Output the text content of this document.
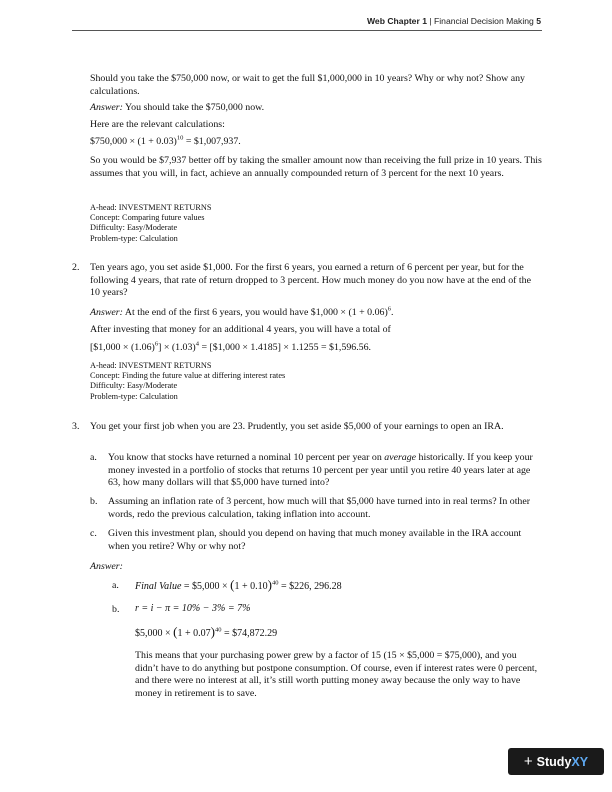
Web Chapter 1 | Financial Decision Making 5

Should you take the $750,000 now, or wait to get the full $1,000,000 in 10 years? Why or why not? Show any calculations.

Answer: You should take the $750,000 now.

Here are the relevant calculations:

$750,000 × $(1 + 0.03)^{10}$ = $1,007,937.

So you would be $7,937 better off by taking the smaller amount now than receiving the full prize in 10 years. This assumes that you will, in fact, achieve an annually compounded return of 3 percent for the next 10 years.

A-head: INVESTMENT RETURNS
Concept: Comparing future values
Difficulty: Easy/Moderate
Problem-type: Calculation
2. Ten years ago, you set aside $1,000. For the first 6 years, you earned a return of 6 percent per year, but for the following 4 years, that rate of return dropped to 3 percent. How much money do you now have at the end of the 10 years?

Answer: At the end of the first 6 years, you would have $1,000 × $(1 + 0.06)^6$.

After investing that money for an additional 4 years, you will have a total of

[$1,000 × $(1.06)^6] \times (1.03)^4$ = [$1,000 × 1.4185] × 1.1255 = $1,596.56.

A-head: INVESTMENT RETURNS
Concept: Finding the future value at differing interest rates
Difficulty: Easy/Moderate
Problem-type: Calculation
3. You get your first job when you are 23. Prudently, you set aside $5,000 of your earnings to open an IRA.

a. You know that stocks have returned a nominal 10 percent per year on average historically. If you keep your money invested in a portfolio of stocks that returns 10 percent per year until you retire 40 years later at age 63, how many dollars will that $5,000 have turned into?

b. Assuming an inflation rate of 3 percent, how much will that $5,000 have turned into in real terms? In other words, redo the previous calculation, taking inflation into account.

c. Given this investment plan, should you depend on having that much money available in the IRA account when you retire? Why or why not?

Answer:

a. Final Value = $5,000 × $(1 + 0.10)^{40}$ = $226, 296.28
b. r = i − π = 10% − 3% = 7%
$5,000 × $(1 + 0.07)^{40}$ = $74,872.29

This means that your purchasing power grew by a factor of 15 (15 × $5,000 = $75,000), and you didn’t have to do anything but postpone consumption. Of course, even if interest rates were 0 percent, and there were no interest at all, it’s still worth putting money away because the only way to have money in retirement is to save.

+ Study XY
